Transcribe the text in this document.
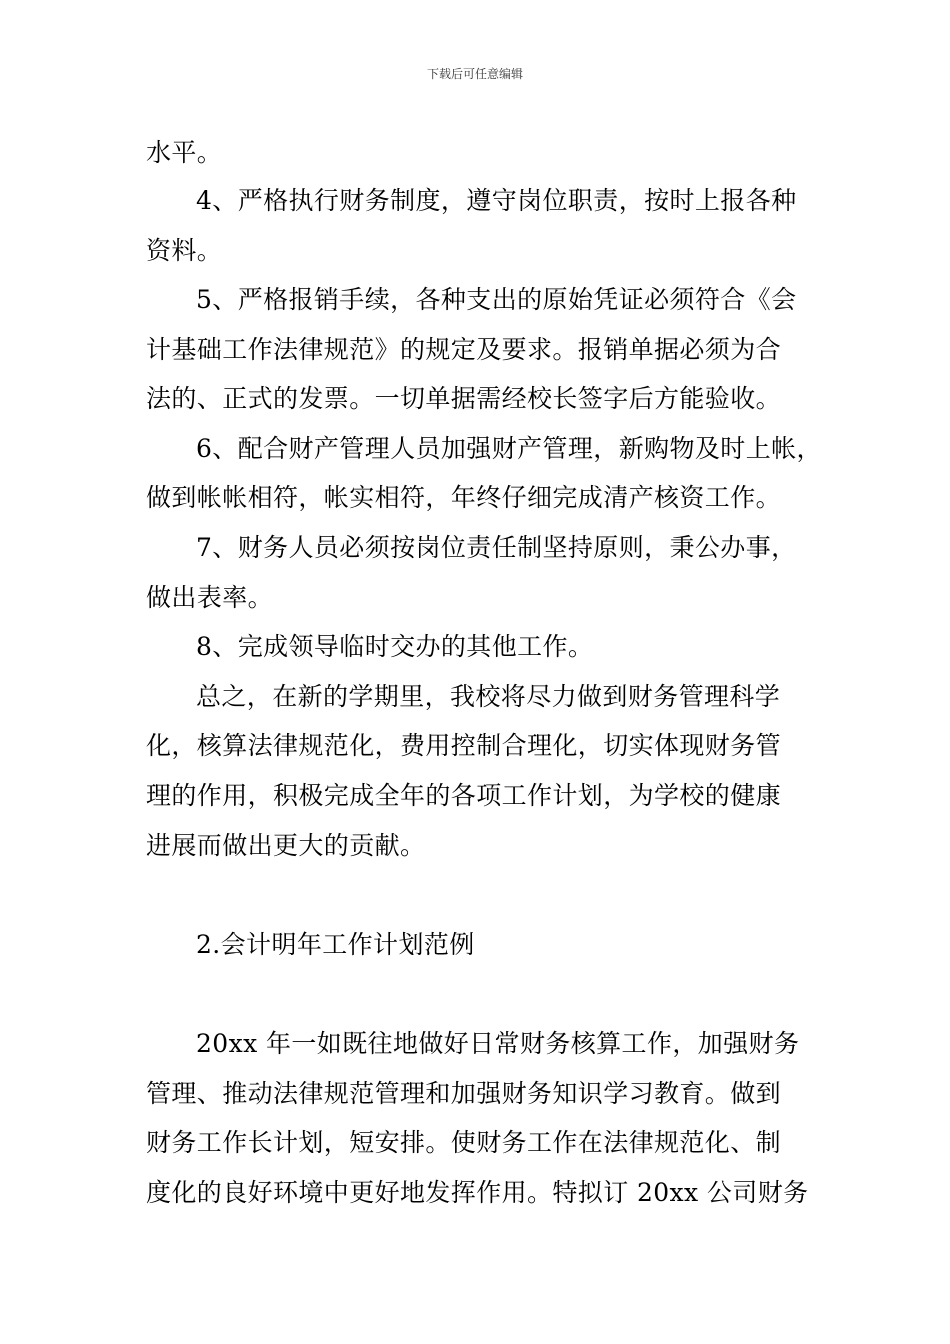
下载后可任意编辑
水平。
4、严格执行财务制度，遵守岗位职责，按时上报各种
资料。
5、严格报销手续，各种支出的原始凭证必须符合《会
计基础工作法律规范》的规定及要求。报销单据必须为合
法的、正式的发票。一切单据需经校长签字后方能验收。
6、配合财产管理人员加强财产管理，新购物及时上帐，
做到帐帐相符，帐实相符，年终仔细完成清产核资工作。
7、财务人员必须按岗位责任制坚持原则，秉公办事，
做出表率。
8、完成领导临时交办的其他工作。
总之，在新的学期里，我校将尽力做到财务管理科学
化，核算法律规范化，费用控制合理化，切实体现财务管
理的作用，积极完成全年的各项工作计划，为学校的健康
进展而做出更大的贡献。
2.会计明年工作计划范例
20xx 年一如既往地做好日常财务核算工作，加强财务
管理、推动法律规范管理和加强财务知识学习教育。做到
财务工作长计划，短安排。使财务工作在法律规范化、制
度化的良好环境中更好地发挥作用。特拟订 20xx 公司财务
